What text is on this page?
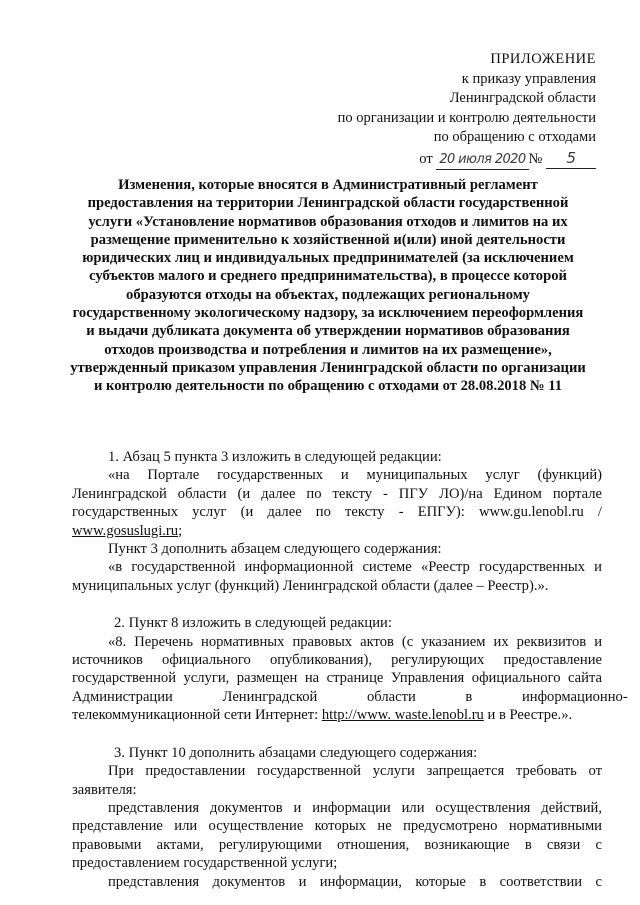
ПРИЛОЖЕНИЕ
к приказу управления
Ленинградской области
по организации и контролю деятельности
по обращению с отходами
от 20 июля 2020 № 5
Изменения, которые вносятся в Административный регламент
предоставления на территории Ленинградской области государственной
услуги «Установление нормативов образования отходов и лимитов на их
размещение применительно к хозяйственной и(или) иной деятельности
юридических лиц и индивидуальных предпринимателей (за исключением
субъектов малого и среднего предпринимательства), в процессе которой
образуются отходы на объектах, подлежащих региональному
государственному экологическому надзору, за исключением переоформления
и выдачи дубликата документа об утверждении нормативов образования
отходов производства и потребления и лимитов на их размещение»,
утвержденный приказом управления Ленинградской области по организации
и контролю деятельности по обращению с отходами от 28.08.2018 № 11
1. Абзац 5 пункта 3 изложить в следующей редакции:
«на Портале государственных и муниципальных услуг (функций)
Ленинградской области (и далее по тексту - ПГУ ЛО)/на Едином портале
государственных услуг (и далее по тексту - ЕПГУ): www.gu.lenobl.ru /
www.gosuslugi.ru;
Пункт 3 дополнить абзацем следующего содержания:
«в государственной информационной системе «Реестр государственных и
муниципальных услуг (функций) Ленинградской области (далее – Реестр).».
2. Пункт 8 изложить в следующей редакции:
«8. Перечень нормативных правовых актов (с указанием их реквизитов и
источников официального опубликования), регулирующих предоставление
государственной услуги, размещен на странице Управления официального сайта
Администрации Ленинградской области в информационно-
телекоммуникационной сети Интернет: http://www. waste.lenobl.ru и в Реестре.».
3. Пункт 10 дополнить абзацами следующего содержания:
При предоставлении государственной услуги запрещается требовать от
заявителя:
представления документов и информации или осуществления действий,
представление или осуществление которых не предусмотрено нормативными
правовыми актами, регулирующими отношения, возникающие в связи с
предоставлением государственной услуги;
представления документов и информации, которые в соответствии с
